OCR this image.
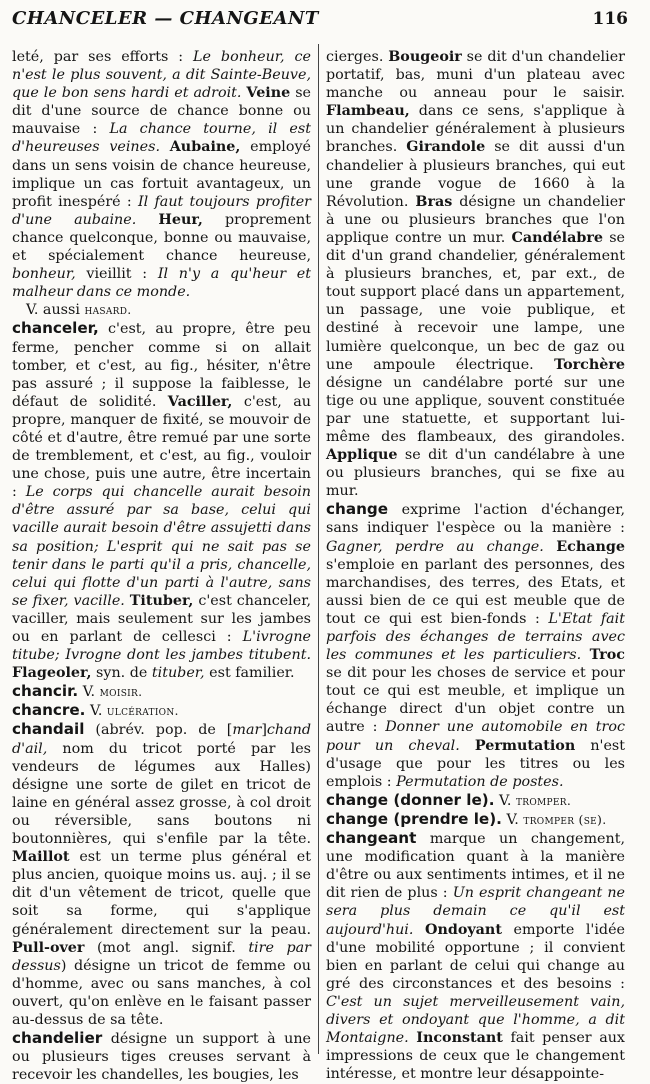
CHANCELER — CHANGEANT	116

leté, par ses efforts : Le bonheur, ce n'est le plus souvent, a dit Sainte-Beuve, que le bon sens hardi et adroit. Veine se dit d'une source de chance bonne ou mauvaise : La chance tourne, il est d'heureuses veines. Aubaine, employé dans un sens voisin de chance heureuse, implique un cas fortuit avantageux, un profit inespéré : Il faut toujours profiter d'une aubaine. Heur, proprement chance quelconque, bonne ou mauvaise, et spécialement chance heureuse, bonheur, vieillit : Il n'y a qu'heur et malheur dans ce monde.

V. aussi hasard.

chanceler, c'est, au propre, être peu ferme, pencher comme si on allait tomber, et c'est, au fig., hésiter, n'être pas assuré ; il suppose la faiblesse, le défaut de solidité. Vaciller, c'est, au propre, manquer de fixité, se mouvoir de côté et d'autre, être remué par une sorte de tremblement, et c'est, au fig., vouloir une chose, puis une autre, être incertain : Le corps qui chancelle aurait besoin d'être assuré par sa base, celui qui vacille aurait besoin d'être assujetti dans sa position; L'esprit qui ne sait pas se tenir dans le parti qu'il a pris, chancelle, celui qui flotte d'un parti à l'autre, sans se fixer, vacille. Tituber, c'est chanceler, vaciller, mais seulement sur les jambes ou en parlant de cellesci : L'ivrogne titube; Ivrogne dont les jambes titubent. Flageoler, syn. de tituber, est familier.

chancir. V. moisir.

chancre. V. ulcération.

chandail (abrév. pop. de [mar]chand d'ail, nom du tricot porté par les vendeurs de légumes aux Halles) désigne une sorte de gilet en tricot de laine en général assez grosse, à col droit ou réversible, sans boutons ni boutonnières, qui s'enfile par la tête. Maillot est un terme plus général et plus ancien, quoique moins us. auj. ; il se dit d'un vêtement de tricot, quelle que soit sa forme, qui s'applique généralement directement sur la peau. Pull-over (mot angl. signif. tire par dessus) désigne un tricot de femme ou d'homme, avec ou sans manches, à col ouvert, qu'on enlève en le faisant passer au-dessus de sa tête.

chandelier désigne un support à une ou plusieurs tiges creuses servant à recevoir les chandelles, les bougies, les

cierges. Bougeoir se dit d'un chandelier portatif, bas, muni d'un plateau avec manche ou anneau pour le saisir. Flambeau, dans ce sens, s'applique à un chandelier généralement à plusieurs branches. Girandole se dit aussi d'un chandelier à plusieurs branches, qui eut une grande vogue de 1660 à la Révolution. Bras désigne un chandelier à une ou plusieurs branches que l'on applique contre un mur. Candélabre se dit d'un grand chandelier, généralement à plusieurs branches, et, par ext., de tout support placé dans un appartement, un passage, une voie publique, et destiné à recevoir une lampe, une lumière quelconque, un bec de gaz ou une ampoule électrique. Torchère désigne un candélabre porté sur une tige ou une applique, souvent constituée par une statuette, et supportant lui-même des flambeaux, des girandoles. Applique se dit d'un candélabre à une ou plusieurs branches, qui se fixe au mur.

change exprime l'action d'échanger, sans indiquer l'espèce ou la manière : Gagner, perdre au change. Echange s'emploie en parlant des personnes, des marchandises, des terres, des Etats, et aussi bien de ce qui est meuble que de tout ce qui est bien-fonds : L'Etat fait parfois des échanges de terrains avec les communes et les particuliers. Troc se dit pour les choses de service et pour tout ce qui est meuble, et implique un échange direct d'un objet contre un autre : Donner une automobile en troc pour un cheval. Permutation n'est d'usage que pour les titres ou les emplois : Permutation de postes.

change (donner le). V. tromper.

change (prendre le). V. tromper (se).

changeant marque un changement, une modification quant à la manière d'être ou aux sentiments intimes, et il ne dit rien de plus : Un esprit changeant ne sera plus demain ce qu'il est aujourd'hui. Ondoyant emporte l'idée d'une mobilité opportune ; il convient bien en parlant de celui qui change au gré des circonstances et des besoins : C'est un sujet merveilleusement vain, divers et ondoyant que l'homme, a dit Montaigne. Inconstant fait penser aux impressions de ceux que le changement intéresse, et montre leur désappointe-
